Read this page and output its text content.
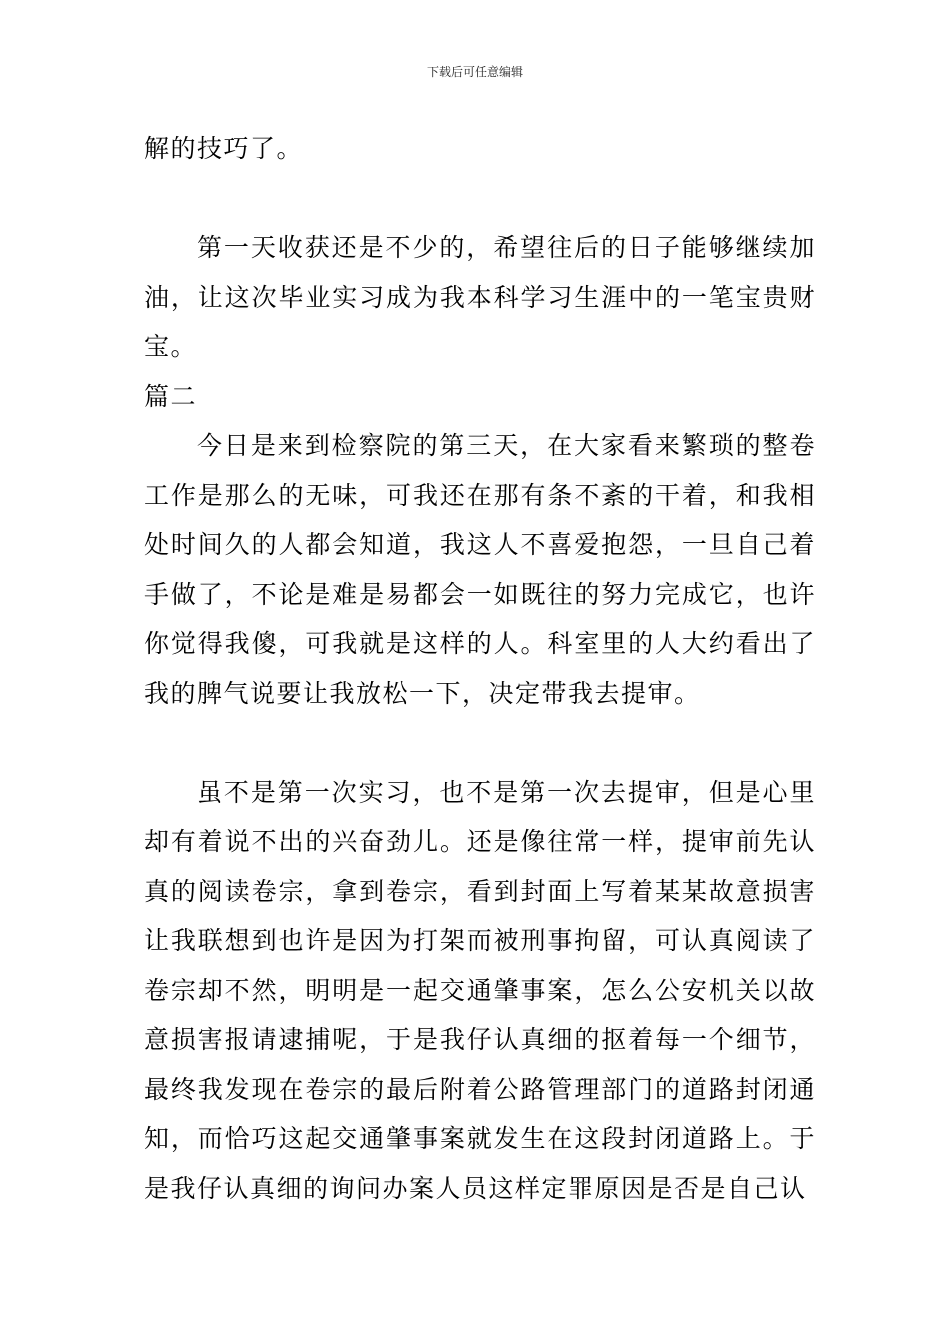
下载后可任意编辑

解的技巧了。

第一天收获还是不少的，希望往后的日子能够继续加油，让这次毕业实习成为我本科学习生涯中的一笔宝贵财宝。

篇二

今日是来到检察院的第三天，在大家看来繁琐的整卷工作是那么的无味，可我还在那有条不紊的干着，和我相处时间久的人都会知道，我这人不喜爱抱怨，一旦自己着手做了，不论是难是易都会一如既往的努力完成它，也许你觉得我傻，可我就是这样的人。科室里的人大约看出了我的脾气说要让我放松一下，决定带我去提审。

虽不是第一次实习，也不是第一次去提审，但是心里却有着说不出的兴奋劲儿。还是像往常一样，提审前先认真的阅读卷宗，拿到卷宗，看到封面上写着某某故意损害让我联想到也许是因为打架而被刑事拘留，可认真阅读了卷宗却不然，明明是一起交通肇事案，怎么公安机关以故意损害报请逮捕呢，于是我仔认真细的抠着每一个细节，最终我发现在卷宗的最后附着公路管理部门的道路封闭通知，而恰巧这起交通肇事案就发生在这段封闭道路上。于是我仔认真细的询问办案人员这样定罪原因是否是自己认
